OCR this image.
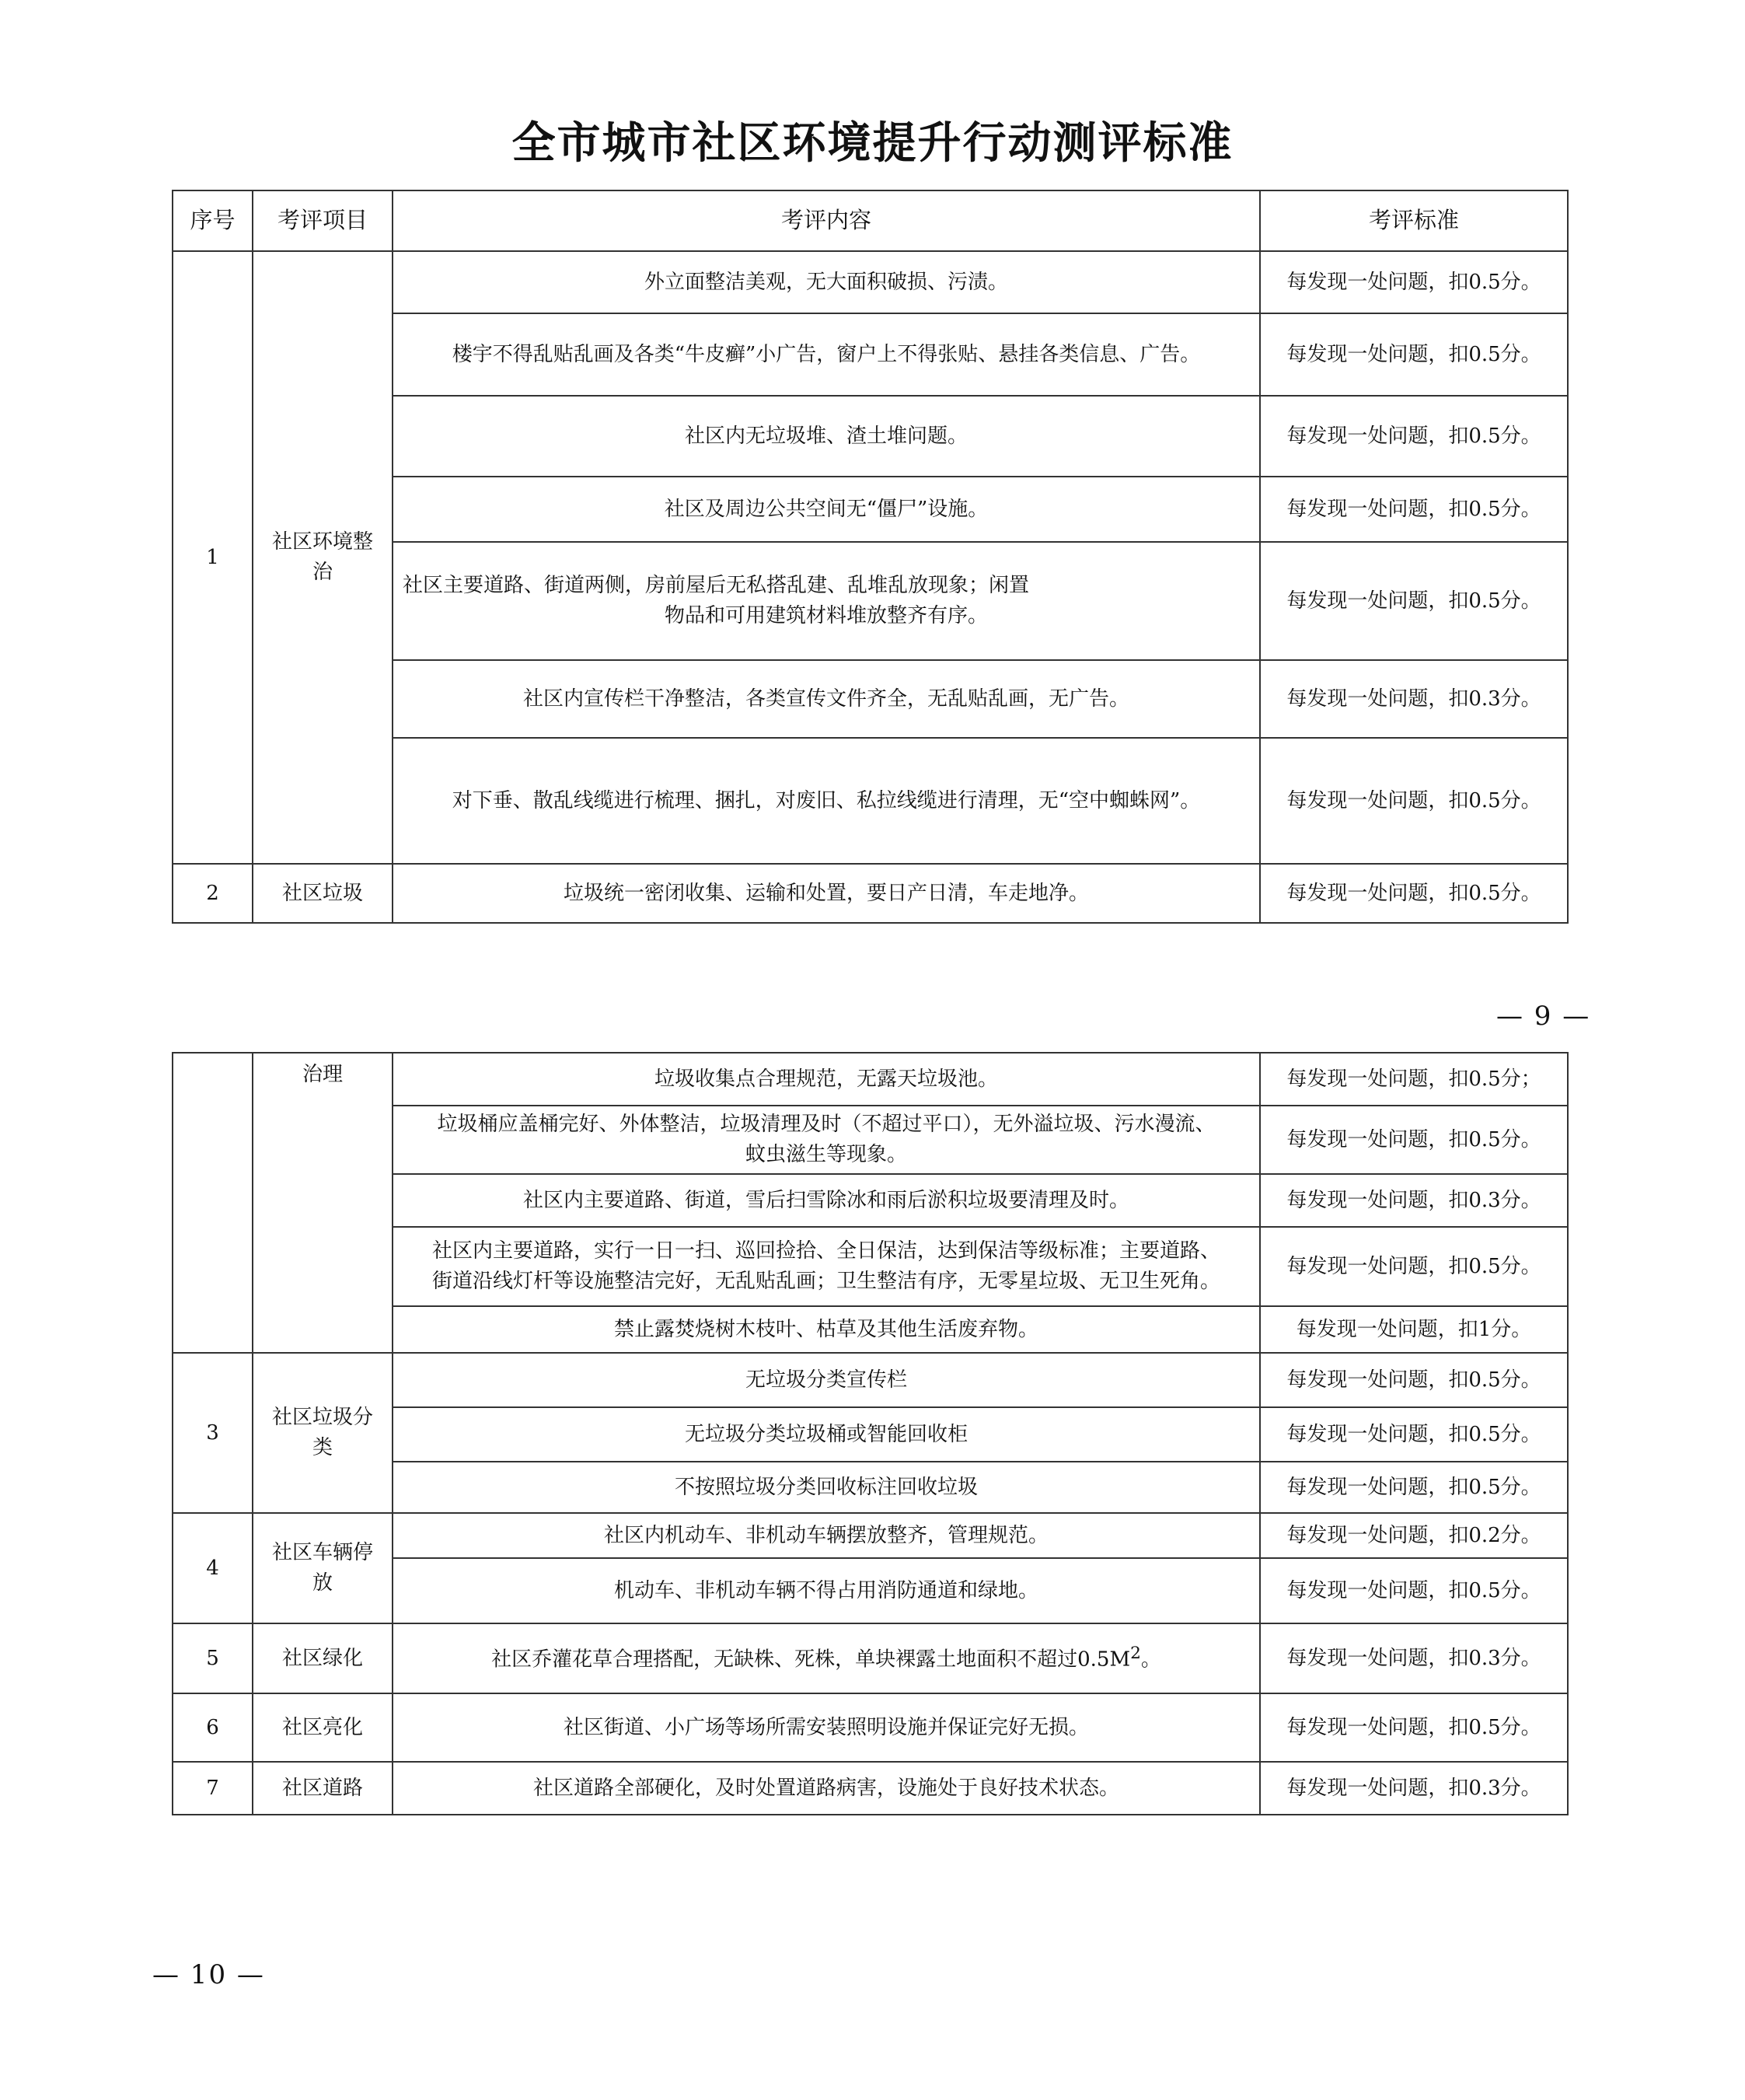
全市城市社区环境提升行动测评标准
序号	考评项目	考评内容	考评标准
1	社区环境整治	外立面整洁美观，无大面积破损、污渍。	每发现一处问题，扣0.5分。
		楼宇不得乱贴乱画及各类“牛皮癣”小广告，窗户上不得张贴、悬挂各类信息、广告。	每发现一处问题，扣0.5分。
		社区内无垃圾堆、渣土堆问题。	每发现一处问题，扣0.5分。
		社区及周边公共空间无“僵尸”设施。	每发现一处问题，扣0.5分。

		社区主要道路、街道两侧，房前屋后无私搭乱建、乱堆乱放现象；闲置
物品和可用建筑材料堆放整齐有序。	每发现一处问题，扣0.5分。
		社区内宣传栏干净整洁，各类宣传文件齐全，无乱贴乱画，无广告。	每发现一处问题，扣0.3分。
		对下垂、散乱线缆进行梳理、捆扎，对废旧、私拉线缆进行清理，无“空中蜘蛛网”。	每发现一处问题，扣0.5分。
2	社区垃圾	垃圾统一密闭收集、运输和处置，要日产日清，车走地净。	每发现一处问题，扣0.5分。
— 9 —
	治理	垃圾收集点合理规范，无露天垃圾池。	每发现一处问题，扣0.5分；

		垃圾桶应盖桶完好、外体整洁，垃圾清理及时（不超过平口），无外溢垃圾、污水漫流、
蚊虫滋生等现象。	每发现一处问题，扣0.5分。
		社区内主要道路、街道，雪后扫雪除冰和雨后淤积垃圾要清理及时。	每发现一处问题，扣0.3分。

		社区内主要道路，实行一日一扫、巡回捡拾、全日保洁，达到保洁等级标准；主要道路、
街道沿线灯杆等设施整洁完好，无乱贴乱画；卫生整洁有序，无零星垃圾、无卫生死角。	每发现一处问题，扣0.5分。
		禁止露焚烧树木枝叶、枯草及其他生活废弃物。	每发现一处问题，扣1分。
3	社区垃圾分类	无垃圾分类宣传栏	每发现一处问题，扣0.5分。
		无垃圾分类垃圾桶或智能回收柜	每发现一处问题，扣0.5分。
		不按照垃圾分类回收标注回收垃圾	每发现一处问题，扣0.5分。
4	社区车辆停放	社区内机动车、非机动车辆摆放整齐，管理规范。	每发现一处问题，扣0.2分。
		机动车、非机动车辆不得占用消防通道和绿地。	每发现一处问题，扣0.5分。
5	社区绿化	社区乔灌花草合理搭配，无缺株、死株，单块裸露土地面积不超过$0.5M^2$。	每发现一处问题，扣0.3分。
6	社区亮化	社区街道、小广场等场所需安装照明设施并保证完好无损。	每发现一处问题，扣0.5分。
7	社区道路	社区道路全部硬化，及时处置道路病害，设施处于良好技术状态。	每发现一处问题，扣0.3分。
— 10 —
